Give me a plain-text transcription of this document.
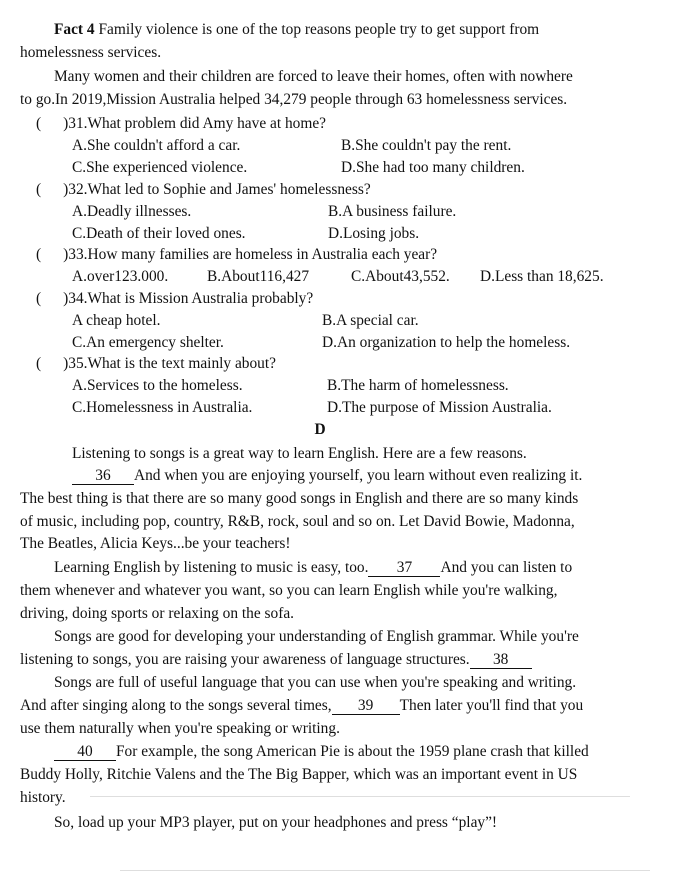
Fact 4 Family violence is one of the top reasons people try to get support from
homelessness services.
Many women and their children are forced to leave their homes, often with nowhere
to go.In 2019,Mission Australia helped 34,279 people through 63 homelessness services.
( )31.What problem did Amy have at home?
A.She couldn't afford a car.	B.She couldn't pay the rent.
C.She experienced violence.	D.She had too many children.
( )32.What led to Sophie and James' homelessness?
A.Deadly illnesses.	B.A business failure.
C.Death of their loved ones.	D.Losing jobs.
( )33.How many families are homeless in Australia each year?
A.over123.000.	B.About116,427	C.About43,552. D.Less than 18,625.
( )34.What is Mission Australia probably?
A cheap hotel.	B.A special car.
C.An emergency shelter.	D.An organization to help the homeless.
( )35.What is the text mainly about?
A.Services to the homeless.	B.The harm of homelessness.
C.Homelessness in Australia.	D.The purpose of Mission Australia.
D
Listening to songs is a great way to learn English. Here are a few reasons.
36 And when you are enjoying yourself, you learn without even realizing it.
The best thing is that there are so many good songs in English and there are so many kinds
of music, including pop, country, R&B, rock, soul and so on. Let David Bowie, Madonna,
The Beatles, Alicia Keys...be your teachers!
Learning English by listening to music is easy, too. 37 And you can listen to
them whenever and whatever you want, so you can learn English while you're walking,
driving, doing sports or relaxing on the sofa.
Songs are good for developing your understanding of English grammar. While you're
listening to songs, you are raising your awareness of language structures. 38
Songs are full of useful language that you can use when you're speaking and writing.
And after singing along to the songs several times, 39 Then later you'll find that you
use them naturally when you're speaking or writing.
40 For example, the song American Pie is about the 1959 plane crash that killed
Buddy Holly, Ritchie Valens and the The Big Bapper, which was an important event in US
history.
So, load up your MP3 player, put on your headphones and press “play”!
